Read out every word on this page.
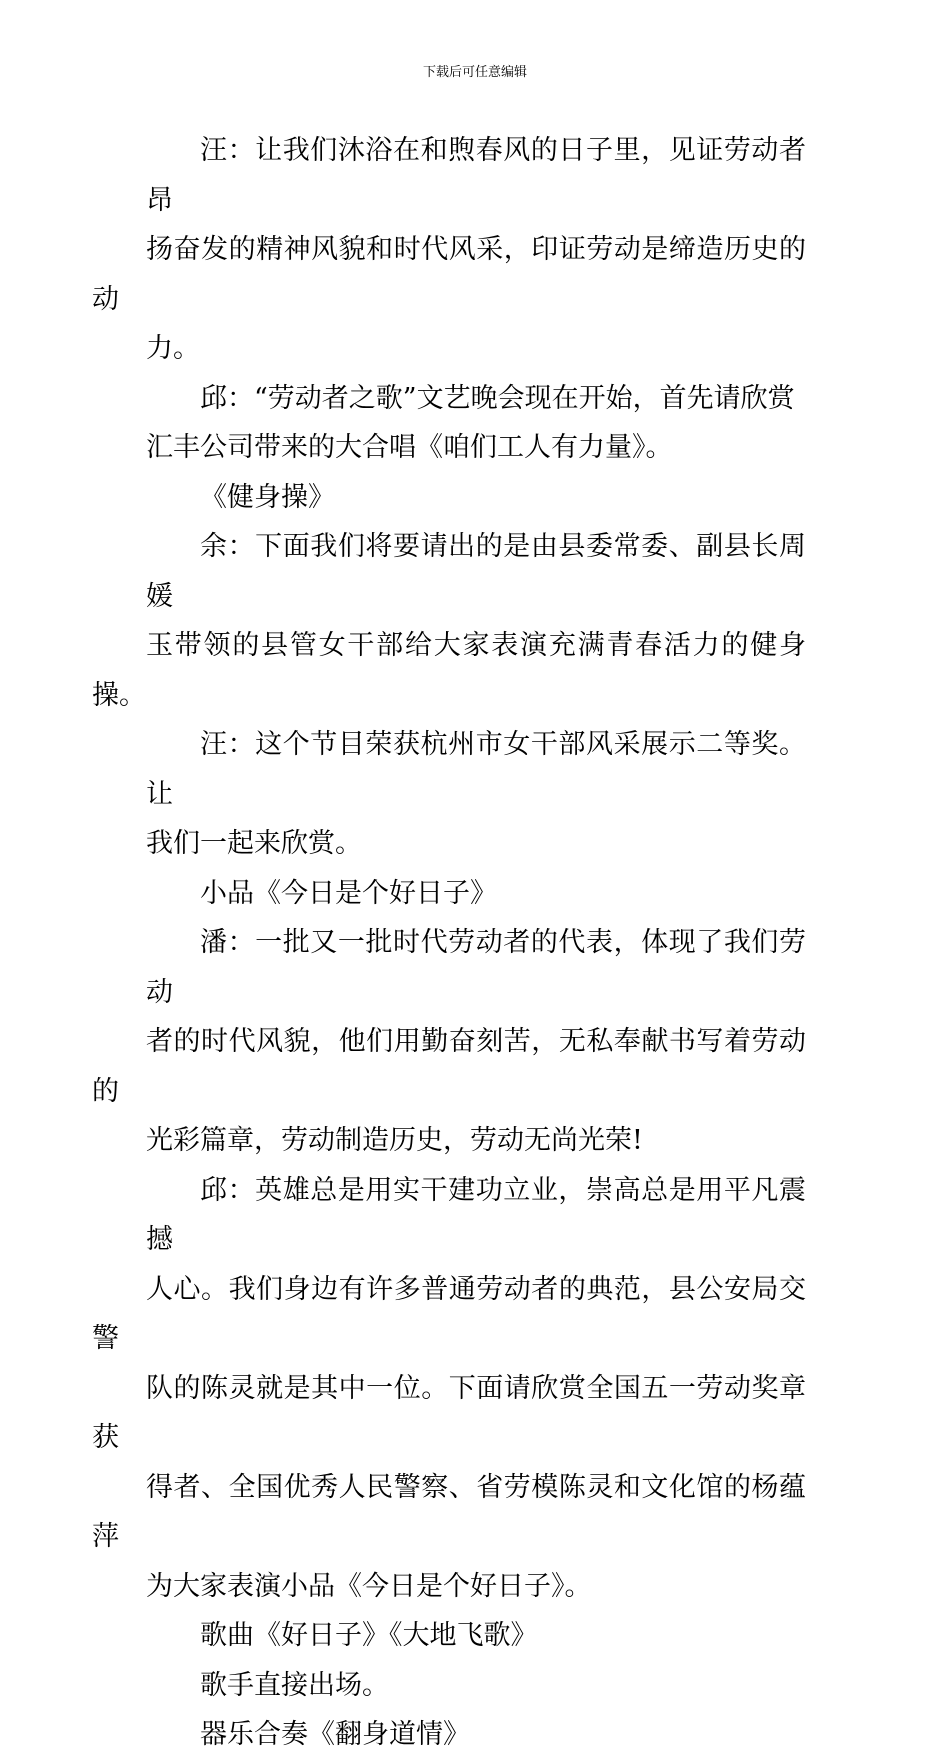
下载后可任意编辑

汪：让我们沐浴在和煦春风的日子里，见证劳动者昂
扬奋发的精神风貌和时代风采，印证劳动是缔造历史的动
力。

邱：“劳动者之歌”文艺晚会现在开始，首先请欣赏
汇丰公司带来的大合唱《咱们工人有力量》。

《健身操》

余：下面我们将要请出的是由县委常委、副县长周媛
玉带领的县管女干部给大家表演充满青春活力的健身操。

汪：这个节目荣获杭州市女干部风采展示二等奖。让
我们一起来欣赏。

小品《今日是个好日子》

潘：一批又一批时代劳动者的代表，体现了我们劳动
者的时代风貌，他们用勤奋刻苦，无私奉献书写着劳动的
光彩篇章，劳动制造历史，劳动无尚光荣!

邱：英雄总是用实干建功立业，崇高总是用平凡震撼
人心。我们身边有许多普通劳动者的典范，县公安局交警
队的陈灵就是其中一位。下面请欣赏全国五一劳动奖章获
得者、全国优秀人民警察、省劳模陈灵和文化馆的杨蕴萍
为大家表演小品《今日是个好日子》。

歌曲《好日子》《大地飞歌》

歌手直接出场。

器乐合奏《翻身道情》
